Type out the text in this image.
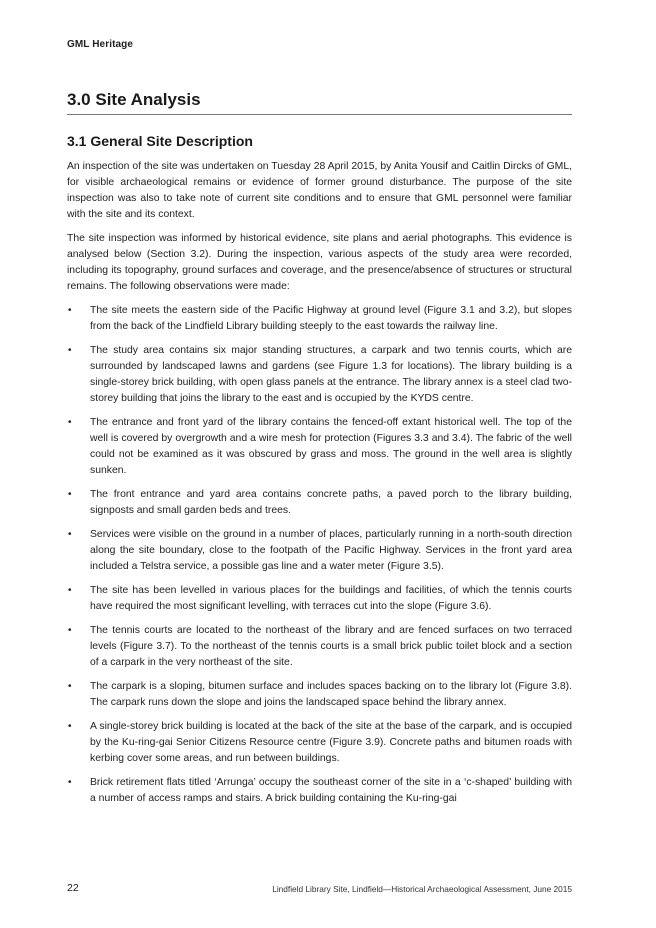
GML Heritage
3.0 Site Analysis
3.1 General Site Description

An inspection of the site was undertaken on Tuesday 28 April 2015, by Anita Yousif and Caitlin Dircks of GML, for visible archaeological remains or evidence of former ground disturbance. The purpose of the site inspection was also to take note of current site conditions and to ensure that GML personnel were familiar with the site and its context.

The site inspection was informed by historical evidence, site plans and aerial photographs. This evidence is analysed below (Section 3.2). During the inspection, various aspects of the study area were recorded, including its topography, ground surfaces and coverage, and the presence/absence of structures or structural remains. The following observations were made:

• The site meets the eastern side of the Pacific Highway at ground level (Figure 3.1 and 3.2), but slopes from the back of the Lindfield Library building steeply to the east towards the railway line.
• The study area contains six major standing structures, a carpark and two tennis courts, which are surrounded by landscaped lawns and gardens (see Figure 1.3 for locations). The library building is a single-storey brick building, with open glass panels at the entrance. The library annex is a steel clad two-storey building that joins the library to the east and is occupied by the KYDS centre.
• The entrance and front yard of the library contains the fenced-off extant historical well. The top of the well is covered by overgrowth and a wire mesh for protection (Figures 3.3 and 3.4). The fabric of the well could not be examined as it was obscured by grass and moss. The ground in the well area is slightly sunken.
• The front entrance and yard area contains concrete paths, a paved porch to the library building, signposts and small garden beds and trees.
• Services were visible on the ground in a number of places, particularly running in a north-south direction along the site boundary, close to the footpath of the Pacific Highway. Services in the front yard area included a Telstra service, a possible gas line and a water meter (Figure 3.5).
• The site has been levelled in various places for the buildings and facilities, of which the tennis courts have required the most significant levelling, with terraces cut into the slope (Figure 3.6).
• The tennis courts are located to the northeast of the library and are fenced surfaces on two terraced levels (Figure 3.7). To the northeast of the tennis courts is a small brick public toilet block and a section of a carpark in the very northeast of the site.
• The carpark is a sloping, bitumen surface and includes spaces backing on to the library lot (Figure 3.8). The carpark runs down the slope and joins the landscaped space behind the library annex.
• A single-storey brick building is located at the back of the site at the base of the carpark, and is occupied by the Ku-ring-gai Senior Citizens Resource centre (Figure 3.9). Concrete paths and bitumen roads with kerbing cover some areas, and run between buildings.
• Brick retirement flats titled ‘Arrunga’ occupy the southeast corner of the site in a ‘c-shaped’ building with a number of access ramps and stairs. A brick building containing the Ku-ring-gai
22	Lindfield Library Site, Lindfield—Historical Archaeological Assessment, June 2015
